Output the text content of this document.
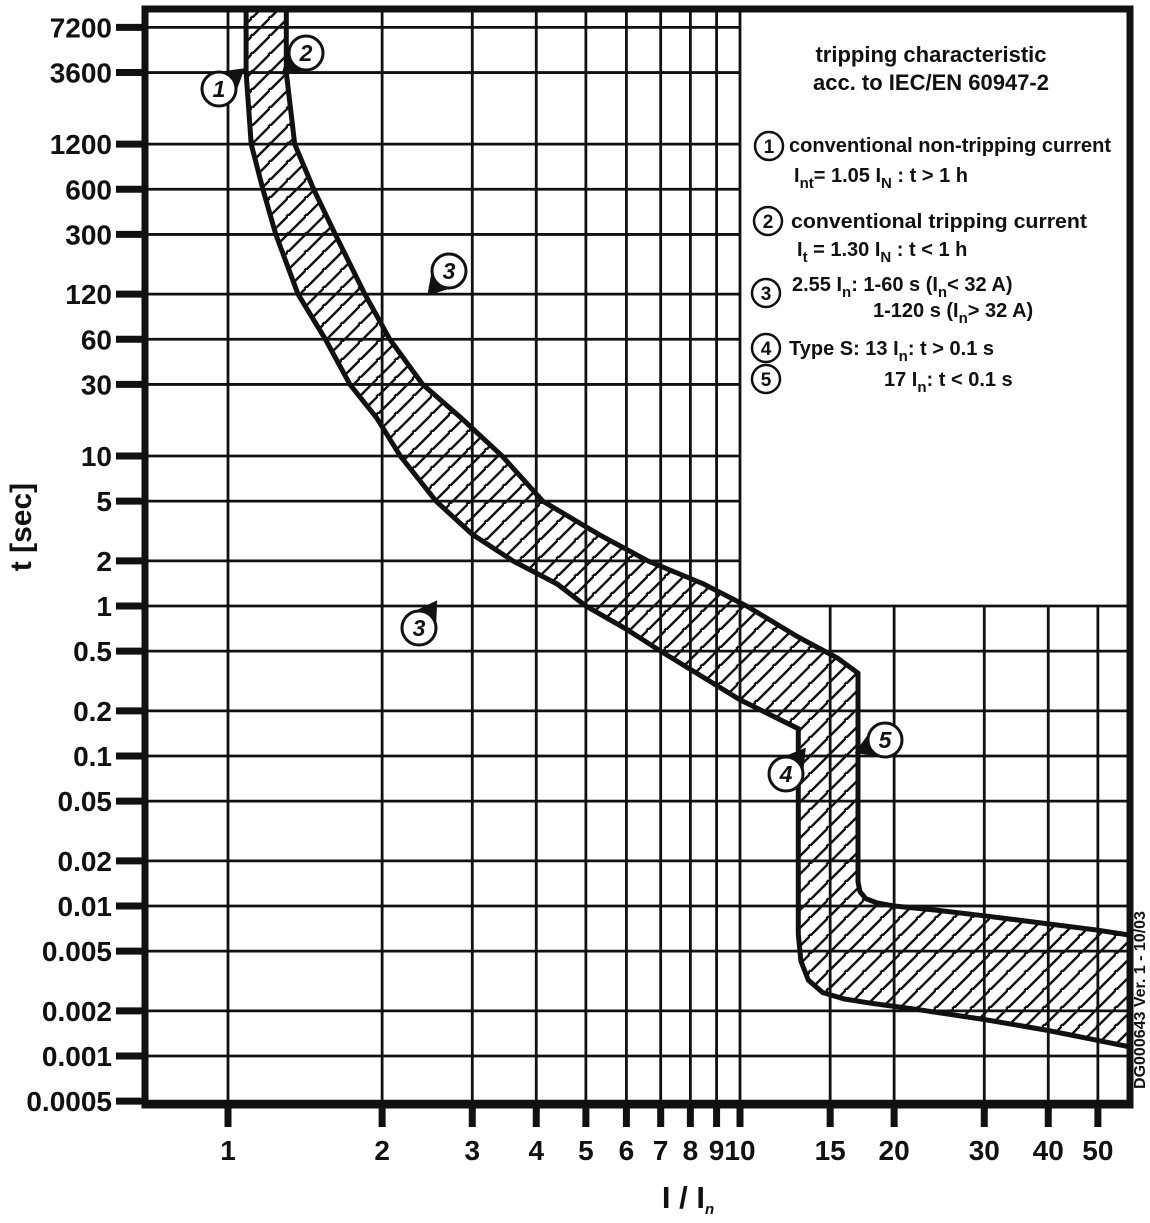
7200
3600
1200
600
300
120
60
30
10
5
2
1
0.5
0.2
0.1
0.05
0.02
0.01
0.005
0.002
0.001
0.0005
1	2	3 4 5 6 7 8 9 10 15 20 30 40 50
I / In
1
2
3
3
4
5
tripping characteristic
acc. to IEC/EN 60947-2
1 conventional non-tripping current
$I_{nt}= 1.05$ $I_N$ : t > 1 h
2 conventional tripping current
$I_t = 1.30$ $I_N$ : t < 1 h
3 2.55 $I_n$: 1-60 s ($I_n< 32$ A)
1-120 s ($I_n> 32$ A)
4 Type S: 13 $I_n$: t > 0.1 s
5	17 $I_n$: t < 0.1 s
t [sec]
DG000643 Ver. 1 - 10/03
